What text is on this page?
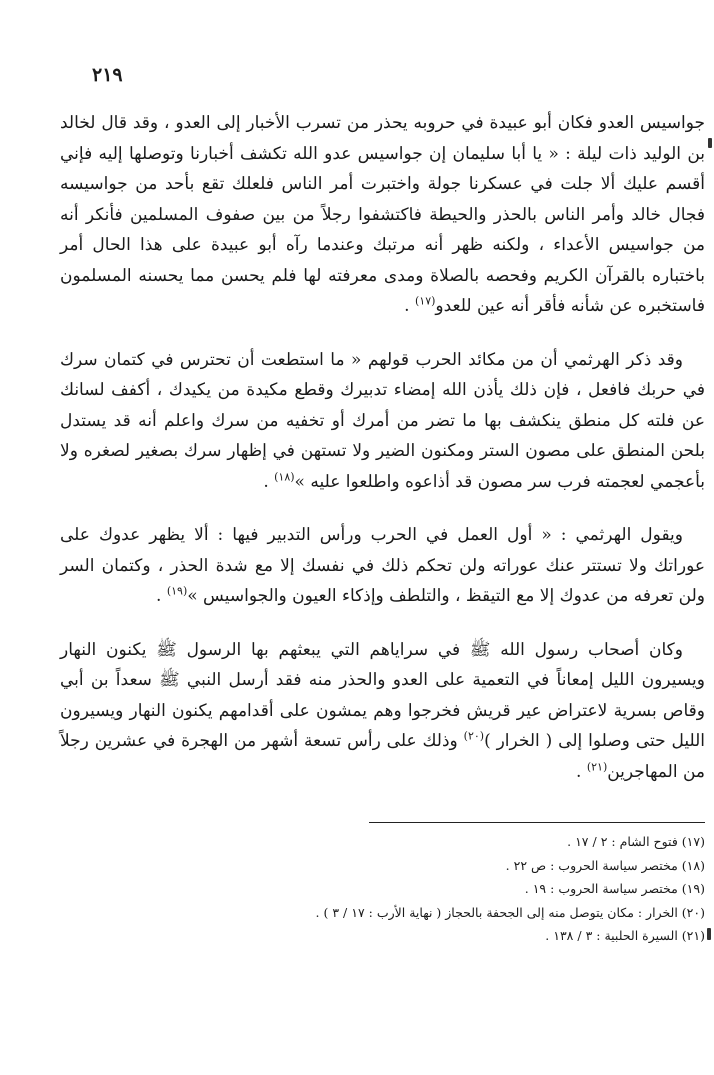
٢١٩

جواسيس العدو فكان أبو عبيدة في حروبه يحذر من تسرب الأخبار إلى العدو ، وقد قال لخالد بن الوليد ذات ليلة : « يا أبا سليمان إن جواسيس عدو الله تكشف أخبارنا وتوصلها إليه فإني أقسم عليك ألا جلت في عسكرنا جولة واختبرت أمر الناس فلعلك تقع بأحد من جواسيسه فجال خالد وأمر الناس بالحذر والحيطة فاكتشفوا رجلاً من بين صفوف المسلمين فأنكر أنه من جواسيس الأعداء ، ولكنه ظهر أنه مرتبك وعندما رآه أبو عبيدة على هذا الحال أمر باختباره بالقرآن الكريم وفحصه بالصلاة ومدى معرفته لها فلم يحسن مما يحسنه المسلمون فاستخبره عن شأنه فأقر أنه عين للعدو$^{(١٧)}$ .

وقد ذكر الهرثمي أن من مكائد الحرب قولهم « ما استطعت أن تحترس في كتمان سرك في حربك فافعل ، فإن ذلك يأذن الله إمضاء تدبيرك وقطع مكيدة من يكيدك ، أكفف لسانك عن فلته كل منطق ينكشف بها ما تضر من أمرك أو تخفيه من سرك واعلم أنه قد يستدل بلحن المنطق على مصون الستر ومكنون الضير ولا تستهن في إظهار سرك بصغير لصغره ولا بأعجمي لعجمته فرب سر مصون قد أذاعوه واطلعوا عليه »$^{(١٨)}$ .

ويقول الهرثمي : « أول العمل في الحرب ورأس التدبير فيها : ألا يظهر عدوك على عوراتك ولا تستتر عنك عوراته ولن تحكم ذلك في نفسك إلا مع شدة الحذر ، وكتمان السر ولن تعرفه من عدوك إلا مع التيقظ ، والتلطف وإذكاء العيون والجواسيس »$^{(١٩)}$ .

وكان أصحاب رسول الله ﷺ في سراياهم التي يبعثهم بها الرسول ﷺ يكنون النهار ويسيرون الليل إمعاناً في التعمية على العدو والحذر منه فقد أرسل النبي ﷺ سعداً بن أبي وقاص بسرية لاعتراض عير قريش فخرجوا وهم يمشون على أقدامهم يكنون النهار ويسيرون الليل حتى وصلوا إلى ( الخرار )$^{(٢٠)}$ وذلك على رأس تسعة أشهر من الهجرة في عشرين رجلاً من المهاجرين$^{(٢١)}$ .

(١٧) فتوح الشام : ٢ / ١٧ .

(١٨) مختصر سياسة الحروب : ص ٢٢ .

(١٩) مختصر سياسة الحروب : ١٩ .

(٢٠) الخرار : مكان يتوصل منه إلى الجحفة بالحجاز ( نهاية الأرب : ١٧ / ٣ ) .

(٢١) السيرة الحلبية : ٣ / ١٣٨ .
